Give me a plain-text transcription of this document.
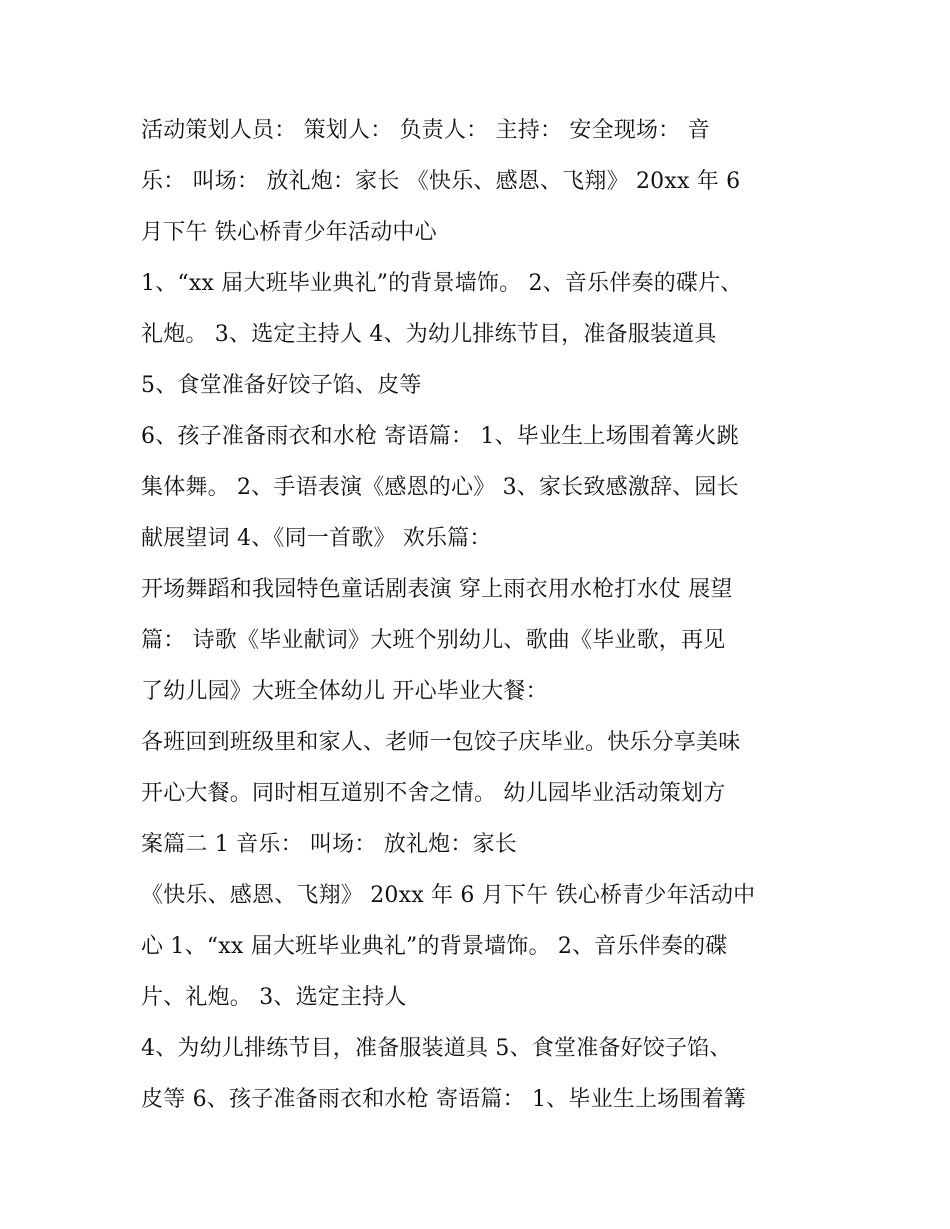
活动策划人员： 策划人： 负责人： 主持： 安全现场： 音
乐： 叫场： 放礼炮：家长 《快乐、感恩、飞翔》 20xx 年 6
月下午 铁心桥青少年活动中心
1、“xx 届大班毕业典礼”的背景墙饰。 2、音乐伴奏的碟片、
礼炮。 3、选定主持人 4、为幼儿排练节目，准备服装道具
5、食堂准备好饺子馅、皮等
6、孩子准备雨衣和水枪 寄语篇： 1、毕业生上场围着篝火跳
集体舞。 2、手语表演《感恩的心》 3、家长致感激辞、园长
献展望词 4、《同一首歌》 欢乐篇：
开场舞蹈和我园特色童话剧表演 穿上雨衣用水枪打水仗 展望
篇： 诗歌《毕业献词》大班个别幼儿、歌曲《毕业歌，再见
了幼儿园》大班全体幼儿 开心毕业大餐：
各班回到班级里和家人、老师一包饺子庆毕业。快乐分享美味
开心大餐。同时相互道别不舍之情。 幼儿园毕业活动策划方
案篇二 1 音乐： 叫场： 放礼炮：家长
《快乐、感恩、飞翔》 20xx 年 6 月下午 铁心桥青少年活动中
心 1、“xx 届大班毕业典礼”的背景墙饰。 2、音乐伴奏的碟
片、礼炮。 3、选定主持人
4、为幼儿排练节目，准备服装道具 5、食堂准备好饺子馅、
皮等 6、孩子准备雨衣和水枪 寄语篇： 1、毕业生上场围着篝
